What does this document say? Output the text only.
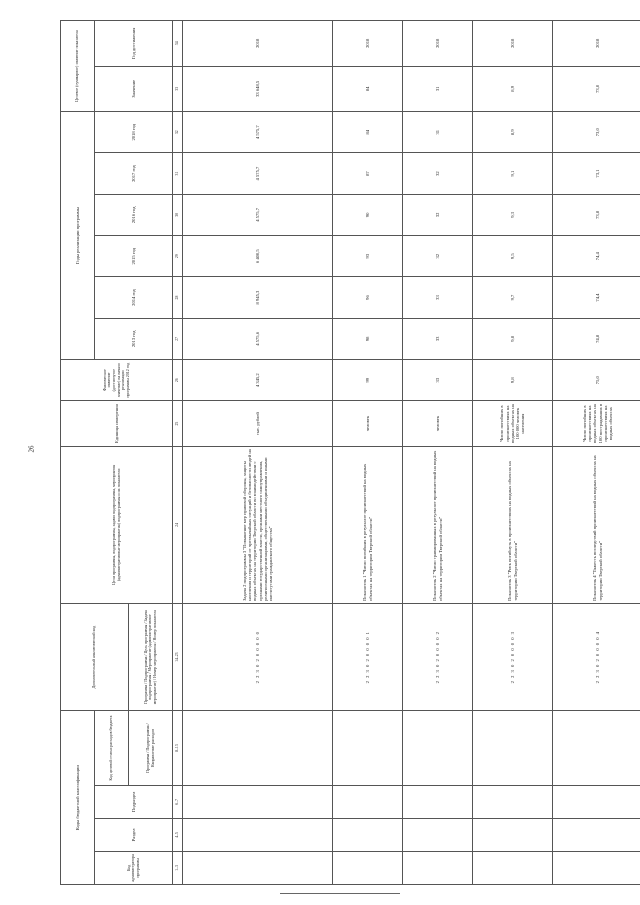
26
Коды бюджетной классификации				Дополнительный аналитический код	Цели программы, подпрограммы, задачи подпрограммы, мероприятия (административные мероприятия) подпрограммы и их показатели	Единица измерения	Фактическое значение (достигнутое значение) на начало реализации программы 2012 год	Годы реализации программы						Целевое (суммарное) значение показателя	
Код администратора программы	Раздел	Подраздел	Код целевой статьи расходов бюджета					2013 год	2014 год	2015 год	2016 год	2017 год	2018 год	Значение	Год достижения
			Программа / Подпрограмма / Направление расходов	Программа / Подпрограмма / Цель программы / Задача подпрограммы / Мероприятие (административное мероприятие) / Номер мероприятия / Номер показателя											
1–3	4–5	6–7	8–13	14–23	24	25	26	27	28	29	30	31	32	33	34
				2 2 3 0 2 0 0 0 0 0	Задача 2 подпрограммы 3 "Повышение мер правовой обороны, защиты населения и территорий от чрезвычайных ситуаций и безопасности людей на водных объектах на территории Тверской области во взаимодействии с органами государственной власти, органами местного самоуправления, религиозными организациями, общественными объединениями и иными институтами гражданского общества"	тыс. рублей	4 345,2	4 575,6	8 945,3	6 400,5	4 575,7	4 575,7	4 575,7	33 648,5	2018
				2 2 3 0 2 0 0 0 0 1	Показатель 1 "Число погибших в результате происшествий на водных объектах на территории Тверской области"	человек	99	98	96	93	90	87	84	84	2018
				2 2 3 0 2 0 0 0 0 2	Показатель 2 "Число травмированных в результате происшествий на водных объектах на территории Тверской области"	человек	33	33	33	32	32	32	31	31	2018
				2 2 3 0 2 0 0 0 0 3	Показатель 3 "Риск погибнуть в происшествиях на водных объектах на территории Тверской области"	Число погибших в происшествиях на водных объектах на 100 000 человек населения	9,8	9,8	9,7	9,5	9,3	9,1	8,9	8,9	2018
				2 2 3 0 2 0 0 0 0 4	Показатель 4 "Тяжесть последствий происшествий на водных объектах на территории Тверской области"	Число погибших в происшествиях на водных объектах на 100 пострадавших в происшествиях на водных объектах	75,0	74,8	74,4	74,4	73,8	73,1	73,0	73,0	2018
